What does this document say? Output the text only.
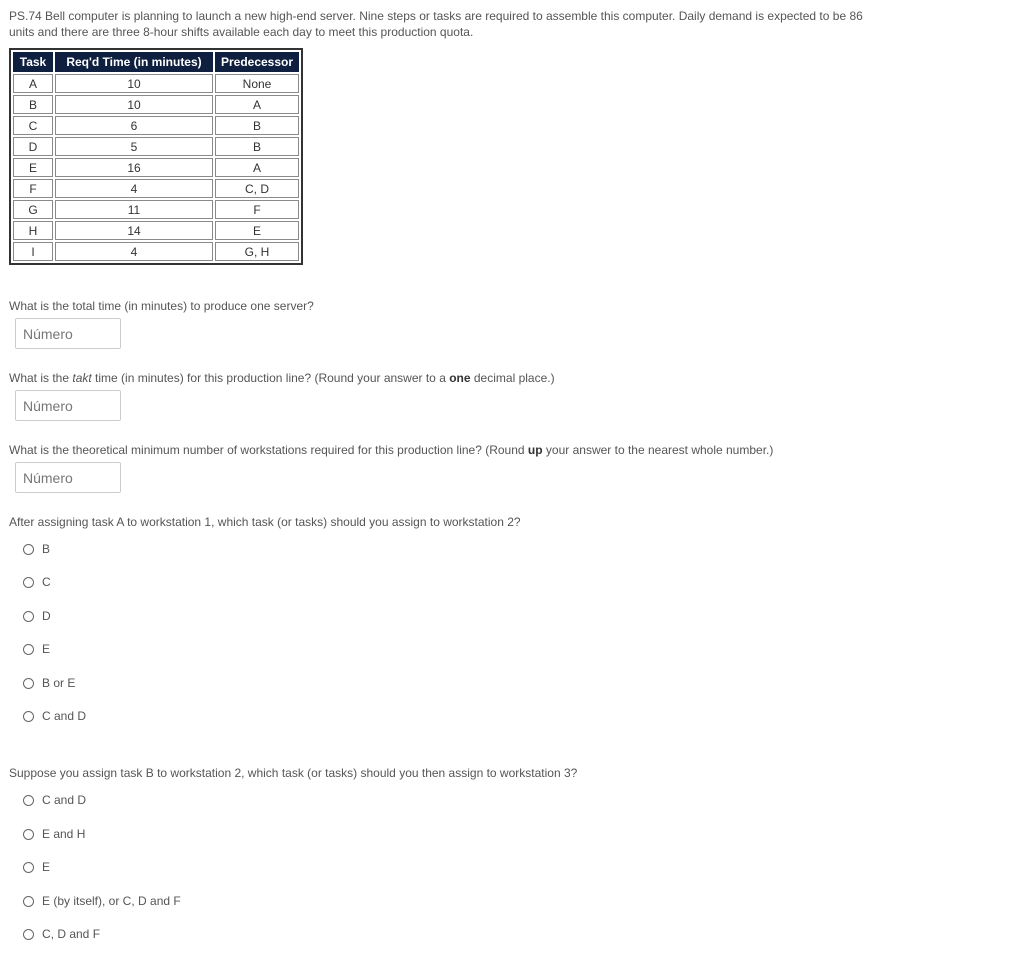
PS.74 Bell computer is planning to launch a new high-end server. Nine steps or tasks are required to assemble this computer. Daily demand is expected to be 86 units and there are three 8-hour shifts available each day to meet this production quota.

Task	Req'd Time (in minutes)	Predecessor
A	10	None
B	10	A
C	6	B
D	5	B
E	16	A
F	4	C, D
G	11	F
H	14	E
I	4	G, H

What is the total time (in minutes) to produce one server?

Número

What is the takt time (in minutes) for this production line? (Round your answer to a one decimal place.)

Número

What is the theoretical minimum number of workstations required for this production line? (Round up your answer to the nearest whole number.)

Número

After assigning task A to workstation 1, which task (or tasks) should you assign to workstation 2?

B
C
D
E
B or E
C and D

Suppose you assign task B to workstation 2, which task (or tasks) should you then assign to workstation 3?

C and D
E and H
E
E (by itself), or C, D and F
C, D and F
